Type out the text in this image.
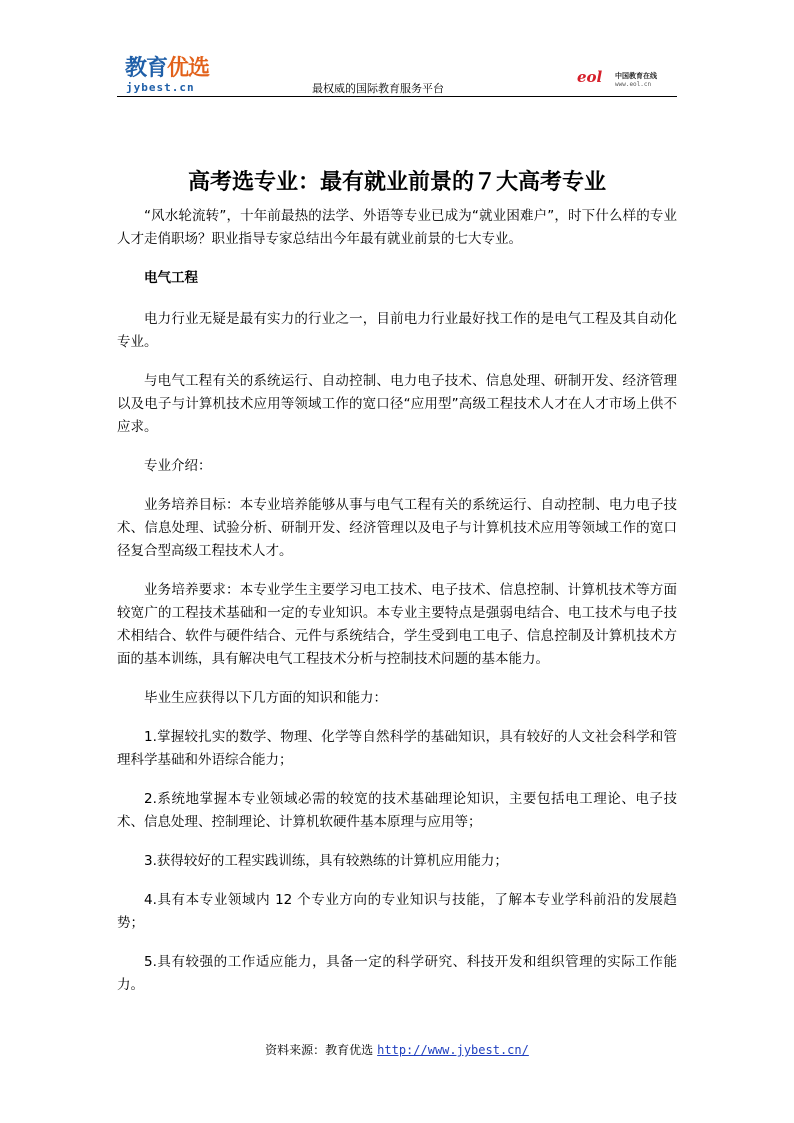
教育优选
jybest.cn	最权威的国际教育服务平台
eol 中国教育在线
www.eol.cn
高考选专业：最有就业前景的７大高考专业

“风水轮流转”，十年前最热的法学、外语等专业已成为“就业困难户”，时下什么样的专业人才走俏职场？职业指导专家总结出今年最有就业前景的七大专业。

电气工程

电力行业无疑是最有实力的行业之一，目前电力行业最好找工作的是电气工程及其自动化专业。

与电气工程有关的系统运行、自动控制、电力电子技术、信息处理、研制开发、经济管理以及电子与计算机技术应用等领域工作的宽口径“应用型”高级工程技术人才在人才市场上供不应求。

专业介绍：

业务培养目标：本专业培养能够从事与电气工程有关的系统运行、自动控制、电力电子技术、信息处理、试验分析、研制开发、经济管理以及电子与计算机技术应用等领域工作的宽口径复合型高级工程技术人才。

业务培养要求：本专业学生主要学习电工技术、电子技术、信息控制、计算机技术等方面较宽广的工程技术基础和一定的专业知识。本专业主要特点是强弱电结合、电工技术与电子技术相结合、软件与硬件结合、元件与系统结合，学生受到电工电子、信息控制及计算机技术方面的基本训练，具有解决电气工程技术分析与控制技术问题的基本能力。

毕业生应获得以下几方面的知识和能力：

1.掌握较扎实的数学、物理、化学等自然科学的基础知识，具有较好的人文社会科学和管理科学基础和外语综合能力；

2.系统地掌握本专业领域必需的较宽的技术基础理论知识，主要包括电工理论、电子技术、信息处理、控制理论、计算机软硬件基本原理与应用等；

3.获得较好的工程实践训练，具有较熟练的计算机应用能力；

4.具有本专业领域内 12 个专业方向的专业知识与技能，了解本专业学科前沿的发展趋势；

5.具有较强的工作适应能力，具备一定的科学研究、科技开发和组织管理的实际工作能力。

资料来源：教育优选 http://www.jybest.cn/
